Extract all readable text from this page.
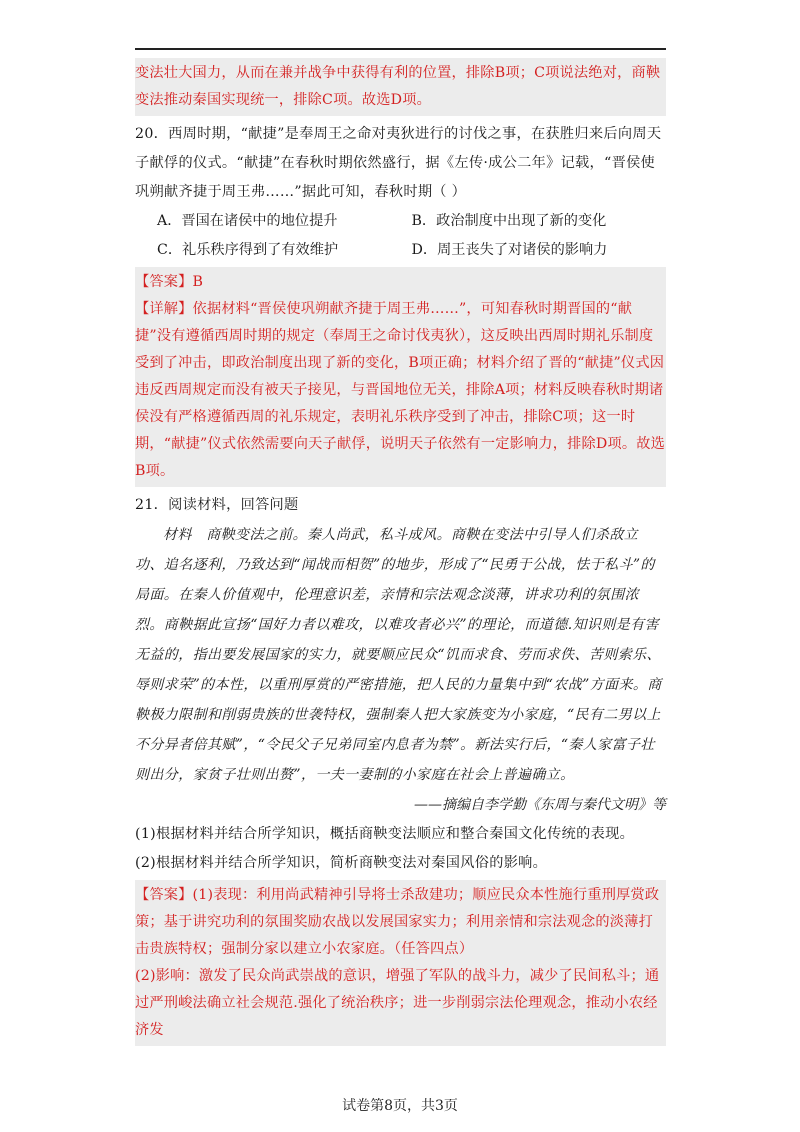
变法壮大国力，从而在兼并战争中获得有利的位置，排除B项；C项说法绝对，商鞅变法推动秦国实现统一，排除C项。故选D项。

20．西周时期，“献捷”是奉周王之命对夷狄进行的讨伐之事，在获胜归来后向周天子献俘的仪式。“献捷”在春秋时期依然盛行，据《左传·成公二年》记载，“晋侯使巩朔献齐捷于周王弗……”据此可知，春秋时期（ ）

A．晋国在诸侯中的地位提升	B．政治制度中出现了新的变化
C．礼乐秩序得到了有效维护	D．周王丧失了对诸侯的影响力

【答案】B

【详解】依据材料“晋侯使巩朔献齐捷于周王弗……”，可知春秋时期晋国的“献捷”没有遵循西周时期的规定（奉周王之命讨伐夷狄），这反映出西周时期礼乐制度受到了冲击，即政治制度出现了新的变化，B项正确；材料介绍了晋的“献捷”仪式因违反西周规定而没有被天子接见，与晋国地位无关，排除A项；材料反映春秋时期诸侯没有严格遵循西周的礼乐规定，表明礼乐秩序受到了冲击，排除C项；这一时期，“献捷”仪式依然需要向天子献俘，说明天子依然有一定影响力，排除D项。故选B项。

21．阅读材料，回答问题

材料　商鞅变法之前。秦人尚武，私斗成风。商鞅在变法中引导人们杀敌立功、追名逐利，乃致达到“闻战而相贺”的地步，形成了“民勇于公战，怯于私斗”的局面。在秦人价值观中，伦理意识差，亲情和宗法观念淡薄，讲求功利的氛围浓烈。商鞅据此宣扬“国好力者以难攻，以难攻者必兴”的理论，而道德.知识则是有害无益的，指出要发展国家的实力，就要顺应民众“饥而求食、劳而求佚、苦则索乐、辱则求荣”的本性，以重刑厚赏的严密措施，把人民的力量集中到“农战”方面来。商鞅极力限制和削弱贵族的世袭特权，强制秦人把大家族变为小家庭，“民有二男以上不分异者倍其赋”，“令民父子兄弟同室内息者为禁”。新法实行后，“秦人家富子壮则出分，家贫子壮则出赘”，一夫一妻制的小家庭在社会上普遍确立。

——摘编自李学勤《东周与秦代文明》等

(1)根据材料并结合所学知识，概括商鞅变法顺应和整合秦国文化传统的表现。

(2)根据材料并结合所学知识，简析商鞅变法对秦国风俗的影响。

【答案】(1)表现：利用尚武精神引导将士杀敌建功；顺应民众本性施行重刑厚赏政策；基于讲究功利的氛围奖励农战以发展国家实力；利用亲情和宗法观念的淡薄打击贵族特权；强制分家以建立小农家庭。（任答四点）

(2)影响：激发了民众尚武崇战的意识，增强了军队的战斗力，减少了民间私斗；通过严刑峻法确立社会规范.强化了统治秩序；进一步削弱宗法伦理观念，推动小农经济发

试卷第8页，共3页
